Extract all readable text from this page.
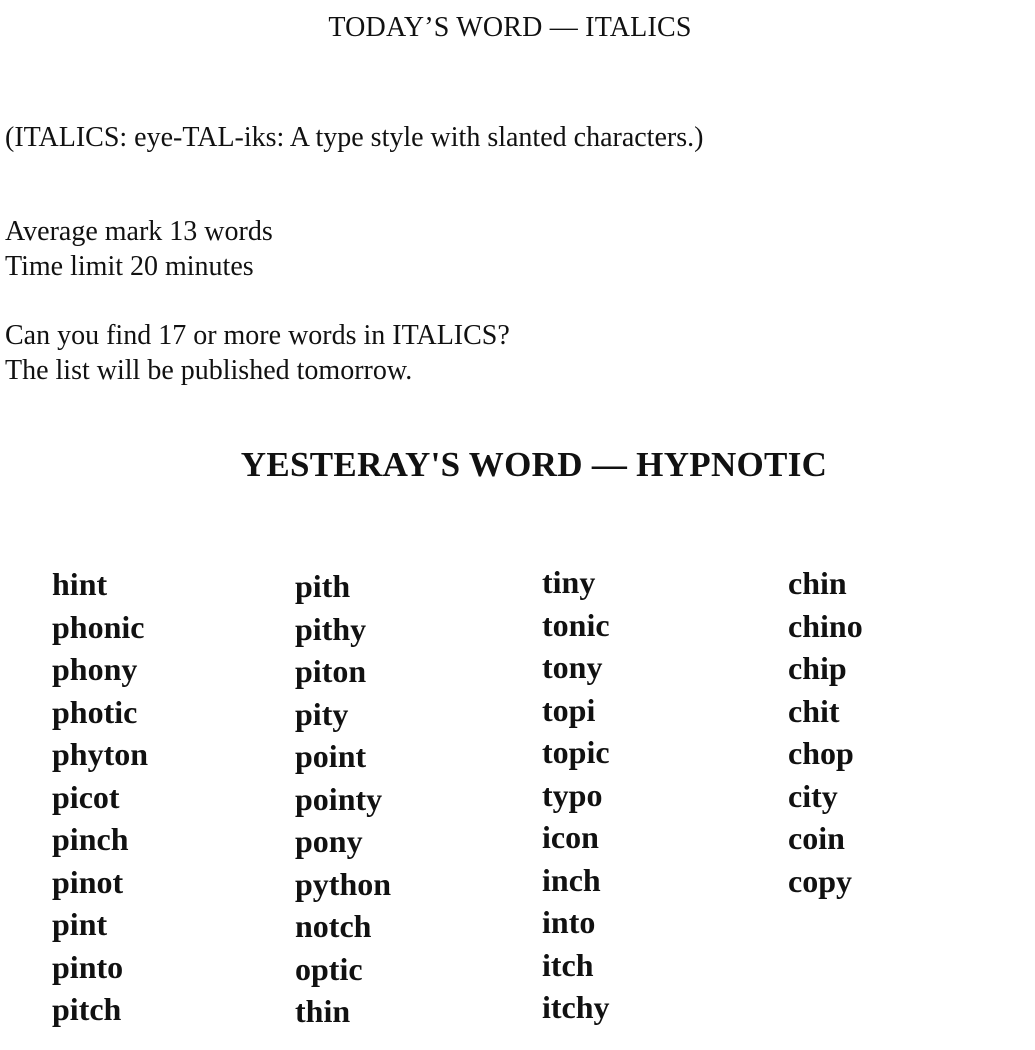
TODAY’S WORD — ITALICS
(ITALICS: eye-TAL-iks: A type style with slanted characters.)
Average mark 13 words
Time limit 20 minutes
Can you find 17 or more words in ITALICS?
The list will be published tomorrow.
YESTERAY'S WORD — HYPNOTIC
hint
phonic
phony
photic
phyton
picot
pinch
pinot
pint
pinto
pitch
pith
pithy
piton
pity
point
pointy
pony
python
notch
optic
thin
tiny
tonic
tony
topi
topic
typo
icon
inch
into
itch
itchy
chin
chino
chip
chit
chop
city
coin
copy
